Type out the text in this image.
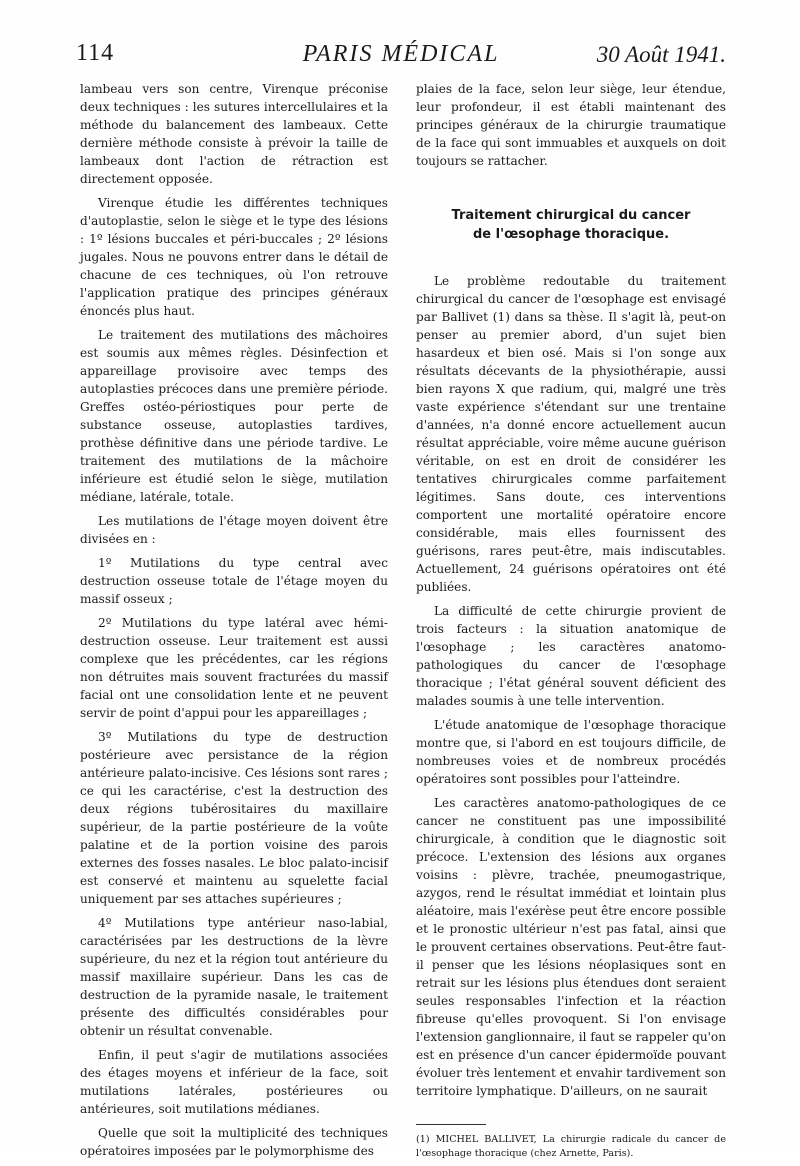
114	PARIS MÉDICAL	30 Août 1941.

lambeau vers son centre, Virenque préconise deux techniques : les sutures intercellulaires et la méthode du balancement des lambeaux. Cette dernière méthode consiste à prévoir la taille de lambeaux dont l'action de rétraction est directement opposée.

Virenque étudie les différentes techniques d'autoplastie, selon le siège et le type des lésions : 1º lésions buccales et péri-buccales ; 2º lésions jugales. Nous ne pouvons entrer dans le détail de chacune de ces techniques, où l'on retrouve l'application pratique des principes généraux énoncés plus haut.

Le traitement des mutilations des mâchoires est soumis aux mêmes règles. Désinfection et appareillage provisoire avec temps des autoplasties précoces dans une première période. Greffes ostéo-périostiques pour perte de substance osseuse, autoplasties tardives, prothèse définitive dans une période tardive. Le traitement des mutilations de la mâchoire inférieure est étudié selon le siège, mutilation médiane, latérale, totale.

Les mutilations de l'étage moyen doivent être divisées en :

1º Mutilations du type central avec destruction osseuse totale de l'étage moyen du massif osseux ;

2º Mutilations du type latéral avec hémi-destruction osseuse. Leur traitement est aussi complexe que les précédentes, car les régions non détruites mais souvent fracturées du massif facial ont une consolidation lente et ne peuvent servir de point d'appui pour les appareillages ;

3º Mutilations du type de destruction postérieure avec persistance de la région antérieure palato-incisive. Ces lésions sont rares ; ce qui les caractérise, c'est la destruction des deux régions tubérositaires du maxillaire supérieur, de la partie postérieure de la voûte palatine et de la portion voisine des parois externes des fosses nasales. Le bloc palato-incisif est conservé et maintenu au squelette facial uniquement par ses attaches supérieures ;

4º Mutilations type antérieur naso-labial, caractérisées par les destructions de la lèvre supérieure, du nez et la région tout antérieure du massif maxillaire supérieur. Dans les cas de destruction de la pyramide nasale, le traitement présente des difficultés considérables pour obtenir un résultat convenable.

Enfin, il peut s'agir de mutilations associées des étages moyens et inférieur de la face, soit mutilations latérales, postérieures ou antérieures, soit mutilations médianes.

Quelle que soit la multiplicité des techniques opératoires imposées par le polymorphisme des

plaies de la face, selon leur siège, leur étendue, leur profondeur, il est établi maintenant des principes généraux de la chirurgie traumatique de la face qui sont immuables et auxquels on doit toujours se rattacher.

Traitement chirurgical du cancer
de l'œsophage thoracique.

Le problème redoutable du traitement chirurgical du cancer de l'œsophage est envisagé par Ballivet (1) dans sa thèse. Il s'agit là, peut-on penser au premier abord, d'un sujet bien hasardeux et bien osé. Mais si l'on songe aux résultats décevants de la physiothérapie, aussi bien rayons X que radium, qui, malgré une très vaste expérience s'étendant sur une trentaine d'années, n'a donné encore actuellement aucun résultat appréciable, voire même aucune guérison véritable, on est en droit de considérer les tentatives chirurgicales comme parfaitement légitimes. Sans doute, ces interventions comportent une mortalité opératoire encore considérable, mais elles fournissent des guérisons, rares peut-être, mais indiscutables. Actuellement, 24 guérisons opératoires ont été publiées.

La difficulté de cette chirurgie provient de trois facteurs : la situation anatomique de l'œsophage ; les caractères anatomo-pathologiques du cancer de l'œsophage thoracique ; l'état général souvent déficient des malades soumis à une telle intervention.

L'étude anatomique de l'œsophage thoracique montre que, si l'abord en est toujours difficile, de nombreuses voies et de nombreux procédés opératoires sont possibles pour l'atteindre.

Les caractères anatomo-pathologiques de ce cancer ne constituent pas une impossibilité chirurgicale, à condition que le diagnostic soit précoce. L'extension des lésions aux organes voisins : plèvre, trachée, pneumogastrique, azygos, rend le résultat immédiat et lointain plus aléatoire, mais l'exérèse peut être encore possible et le pronostic ultérieur n'est pas fatal, ainsi que le prouvent certaines observations. Peut-être faut-il penser que les lésions néoplasiques sont en retrait sur les lésions plus étendues dont seraient seules responsables l'infection et la réaction fibreuse qu'elles provoquent. Si l'on envisage l'extension ganglionnaire, il faut se rappeler qu'on est en présence d'un cancer épidermoïde pouvant évoluer très lentement et envahir tardivement son territoire lymphatique. D'ailleurs, on ne saurait

(1) MICHEL BALLIVET, La chirurgie radicale du cancer de l'œsophage thoracique (chez Arnette, Paris).
